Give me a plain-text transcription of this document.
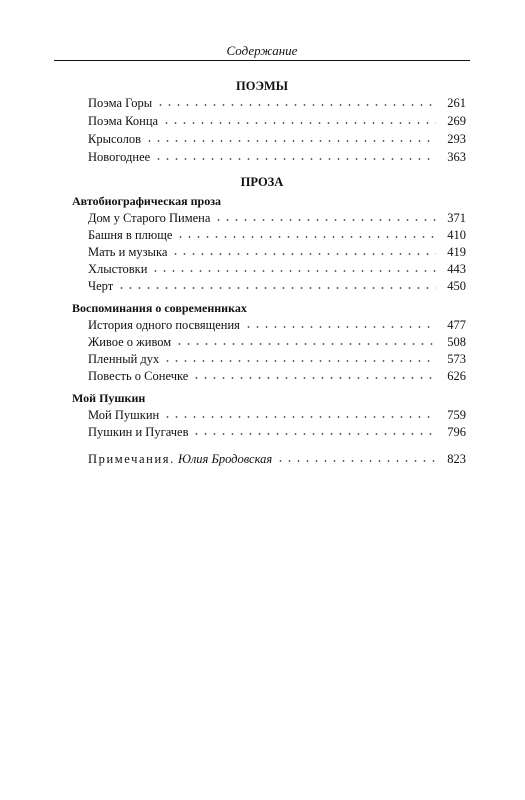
Содержание
ПОЭМЫ
Поэма Горы	261
Поэма Конца	269
Крысолов	293
Новогоднее	363
ПРОЗА
Автобиографическая проза
Дом у Старого Пимена	371
Башня в плюще	410
Мать и музыка	419
Хлыстовки	443
Черт	450
Воспоминания о современниках
История одного посвящения	477
Живое о живом	508
Пленный дух	573
Повесть о Сонечке	626
Мой Пушкин
Мой Пушкин	759
Пушкин и Пугачев	796
Примечания. Юлия Бродовская	823
